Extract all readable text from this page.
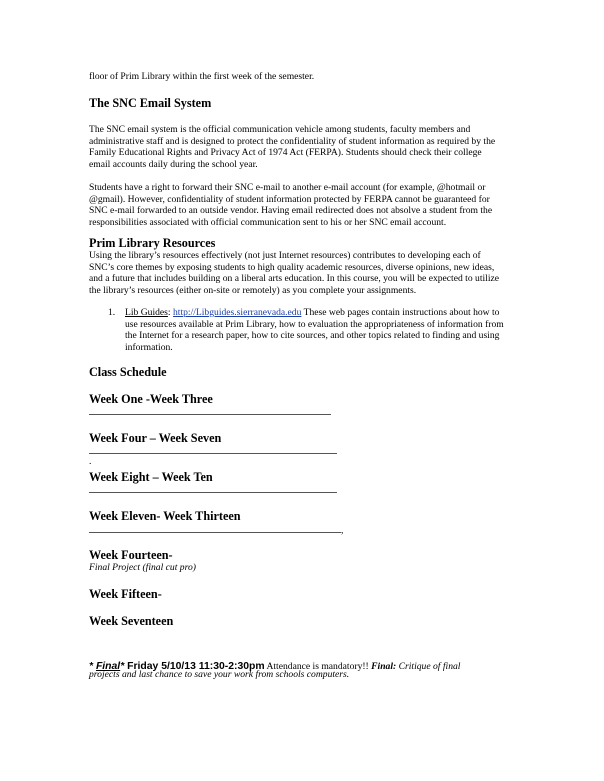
floor of Prim Library within the first week of the semester.
The SNC Email System
The SNC email system is the official communication vehicle among students, faculty members and
administrative staff and is designed to protect the confidentiality of student information as required by the
Family Educational Rights and Privacy Act of 1974 Act (FERPA). Students should check their college
email accounts daily during the school year.
Students have a right to forward their SNC e-mail to another e-mail account (for example, @hotmail or
@gmail). However, confidentiality of student information protected by FERPA cannot be guaranteed for
SNC e-mail forwarded to an outside vendor. Having email redirected does not absolve a student from the
responsibilities associated with official communication sent to his or her SNC email account.
Prim Library Resources
Using the library’s resources effectively (not just Internet resources) contributes to developing each of
SNC’s core themes by exposing students to high quality academic resources, diverse opinions, new ideas,
and a future that includes building on a liberal arts education. In this course, you will be expected to utilize
the library’s resources (either on-site or remotely) as you complete your assignments.
1. Lib Guides: http://Libguides.sierranevada.edu These web pages contain instructions about how to
use resources available at Prim Library, how to evaluation the appropriateness of information from
the Internet for a research paper, how to cite sources, and other topics related to finding and using
information.
Class Schedule
Week One -Week Three
Week Four – Week Seven
.
Week Eight – Week Ten
Week Eleven- Week Thirteen
,
Week Fourteen-
Final Project (final cut pro)
Week Fifteen-
Week Seventeen
* Final* Friday 5/10/13 11:30-2:30pm Attendance is mandatory!! Final: Critique of final
projects and last chance to save your work from schools computers.
